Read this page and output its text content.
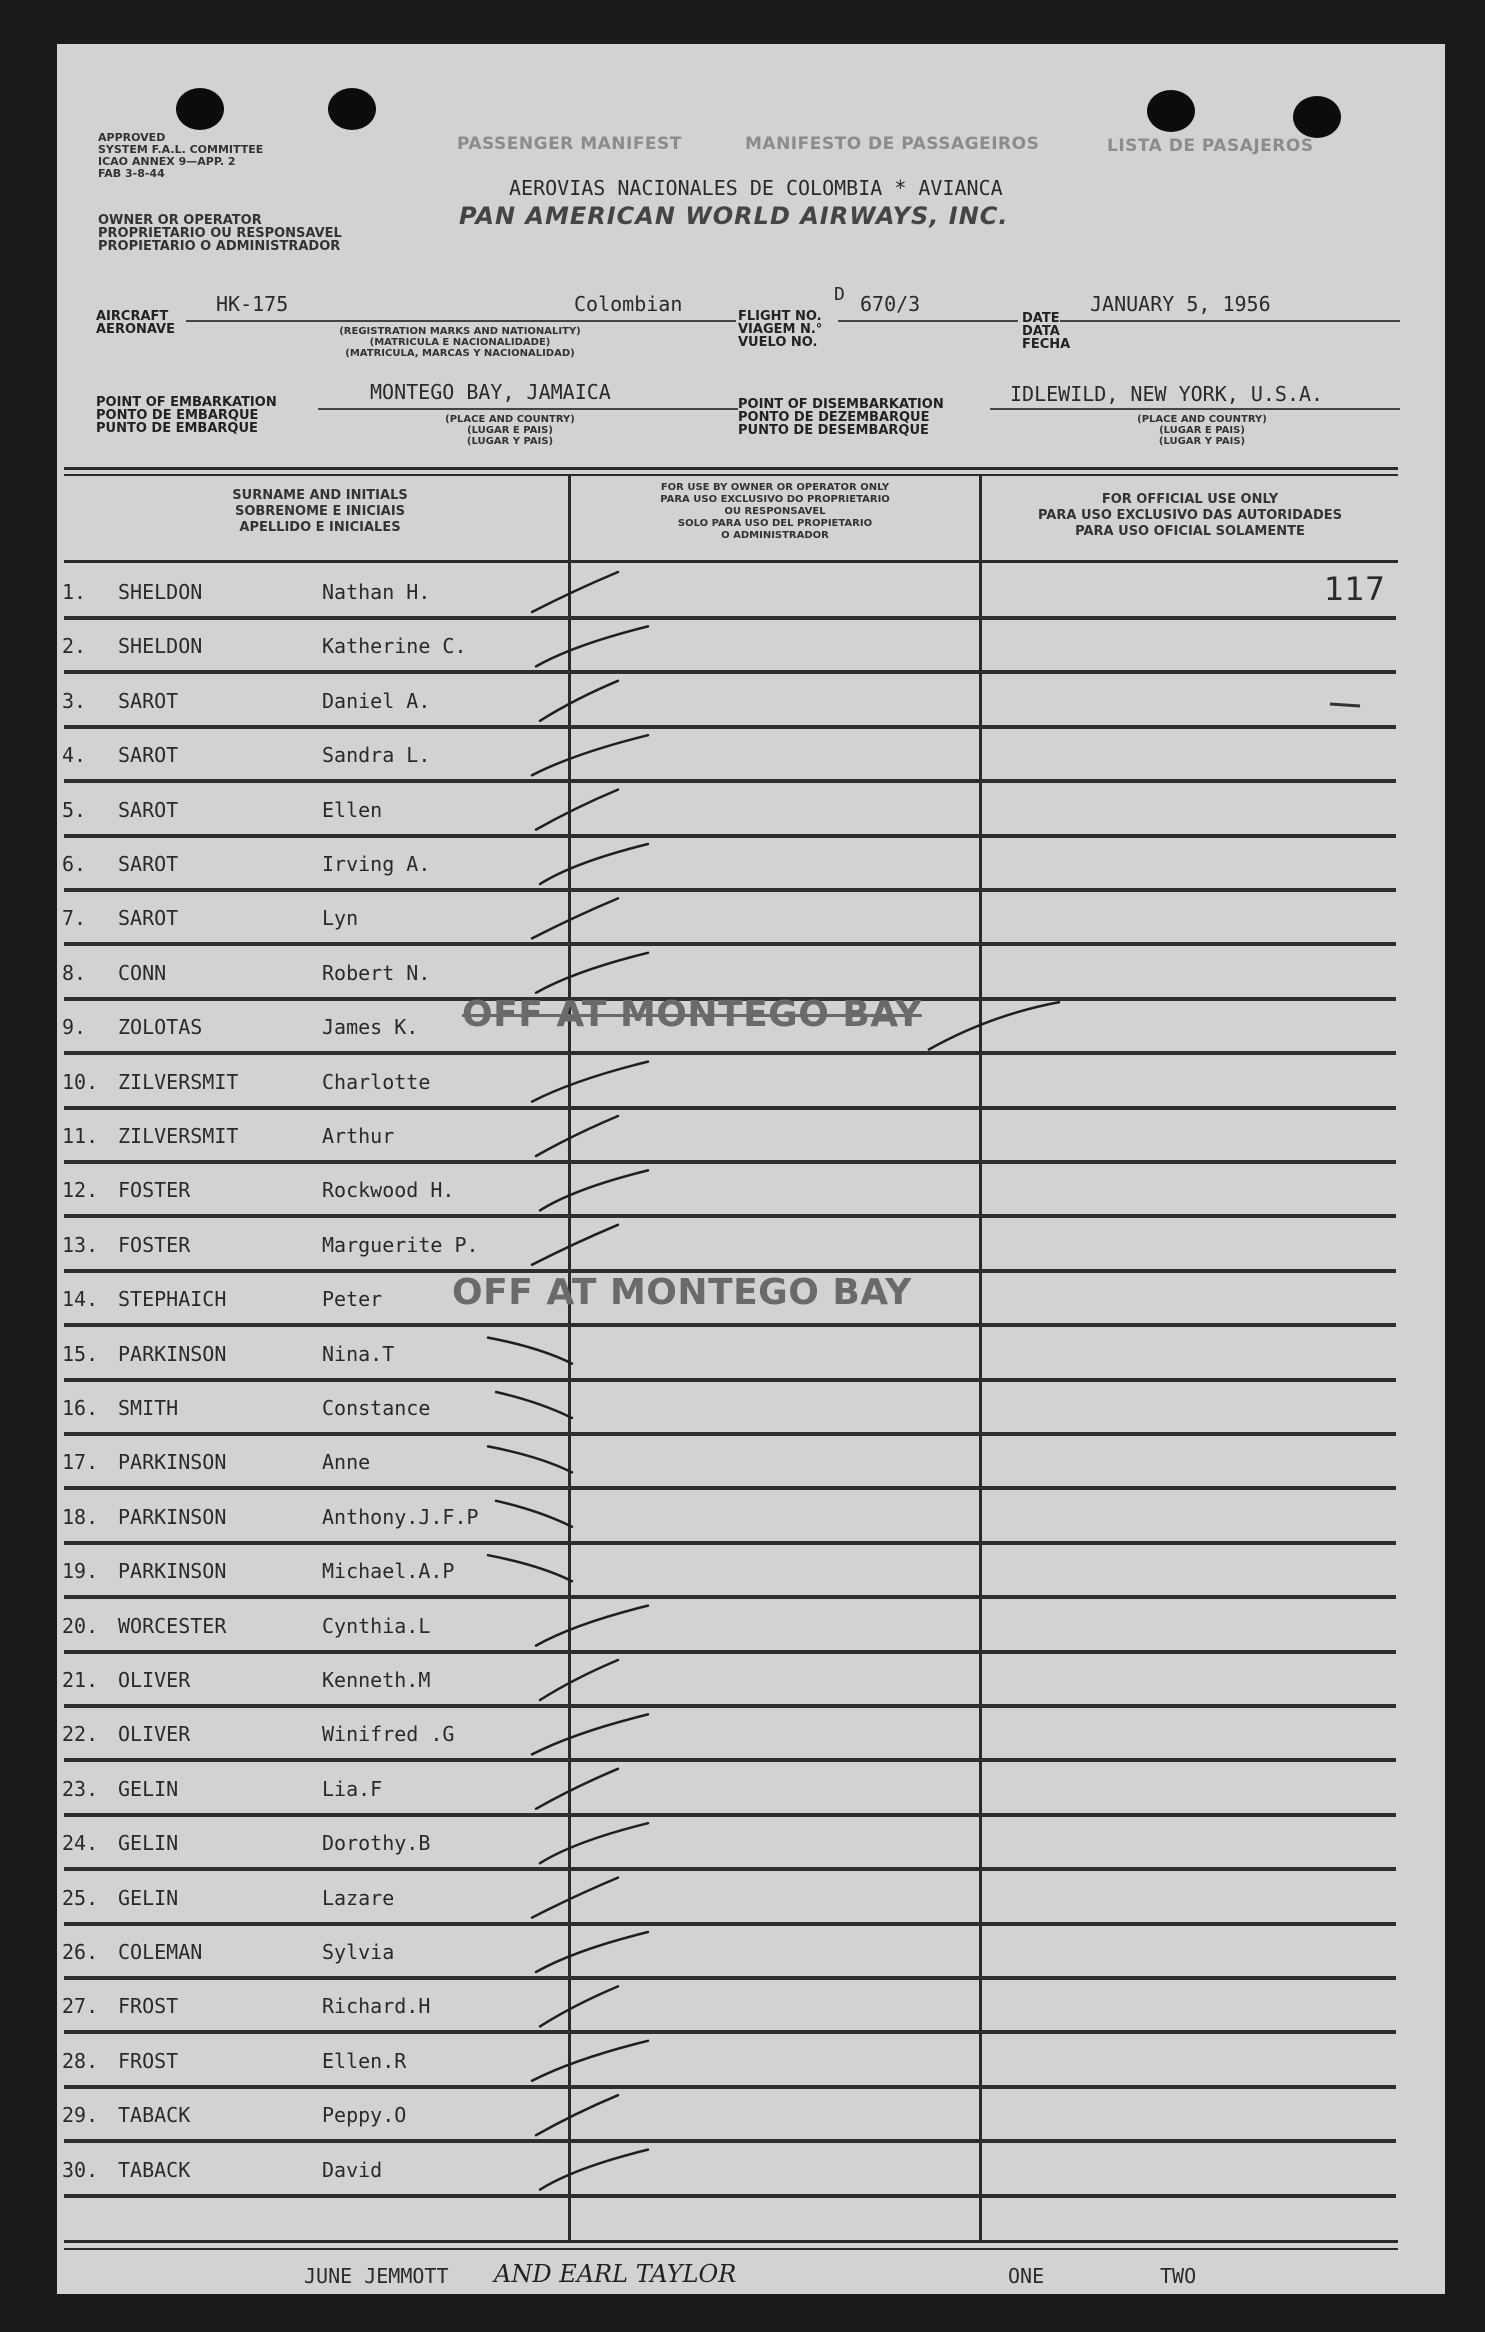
APPROVED
SYSTEM F.A.L. COMMITTEE
ICAO ANNEX 9—APP. 2
FAB 3-8-44
OWNER OR OPERATOR
PROPRIETARIO OU RESPONSAVEL
PROPIETARIO O ADMINISTRADOR
PASSENGER MANIFEST	MANIFESTO DE PASSAGEIROS	LISTA DE PASAJEROS
AEROVIAS NACIONALES DE COLOMBIA * AVIANCA
PAN AMERICAN WORLD AIRWAYS, INC.
AIRCRAFT
AERONAVE
HK-175	Colombian
(REGISTRATION MARKS AND NATIONALITY)
(MATRICULA E NACIONALIDADE)
(MATRICULA, MARCAS Y NACIONALIDAD)
FLIGHT NO.
VIAGEM N.°
VUELO NO.
D 670/3
DATE
DATA
FECHA
JANUARY 5, 1956
POINT OF EMBARKATION
PONTO DE EMBARQUE
PUNTO DE EMBARQUE
MONTEGO BAY, JAMAICA
(PLACE AND COUNTRY)
(LUGAR E PAIS)
(LUGAR Y PAIS)
POINT OF DISEMBARKATION
PONTO DE DEZEMBARQUE
PUNTO DE DESEMBARQUE
IDLEWILD, NEW YORK, U.S.A.
(PLACE AND COUNTRY)
(LUGAR E PAIS)
(LUGAR Y PAIS)
SURNAME AND INITIALS
SOBRENOME E INICIAIS
APELLIDO E INICIALES
FOR USE BY OWNER OR OPERATOR ONLY
PARA USO EXCLUSIVO DO PROPRIETARIO
OU RESPONSAVEL
SOLO PARA USO DEL PROPIETARIO
O ADMINISTRADOR
FOR OFFICIAL USE ONLY
PARA USO EXCLUSIVO DAS AUTORIDADES
PARA USO OFICIAL SOLAMENTE
117
1. SHELDON	Nathan H.
2. SHELDON	Katherine C.
3. SAROT	Daniel A.
4. SAROT	Sandra L.
5. SAROT	Ellen
6. SAROT	Irving A.
7. SAROT	Lyn
8. CONN	Robert N.
9. ZOLOTAS	James K.
10. ZILVERSMIT	Charlotte
11. ZILVERSMIT	Arthur
12. FOSTER	Rockwood H.
13. FOSTER	Marguerite P.
14. STEPHAICH	Peter
15. PARKINSON	Nina.T
16. SMITH	Constance
17. PARKINSON	Anne
18. PARKINSON	Anthony.J.F.P
19. PARKINSON	Michael.A.P
20. WORCESTER	Cynthia.L
21. OLIVER	Kenneth.M
22. OLIVER	Winifred .G
23. GELIN	Lia.F
24. GELIN	Dorothy.B
25. GELIN	Lazare
26. COLEMAN	Sylvia
27. FROST	Richard.H
28. FROST	Ellen.R
29. TABACK	Peppy.O
30. TABACK	David
OFF AT MONTEGO BAY
OFF AT MONTEGO BAY
JUNE JEMMOTT AND EARL TAYLOR	ONE	TWO
